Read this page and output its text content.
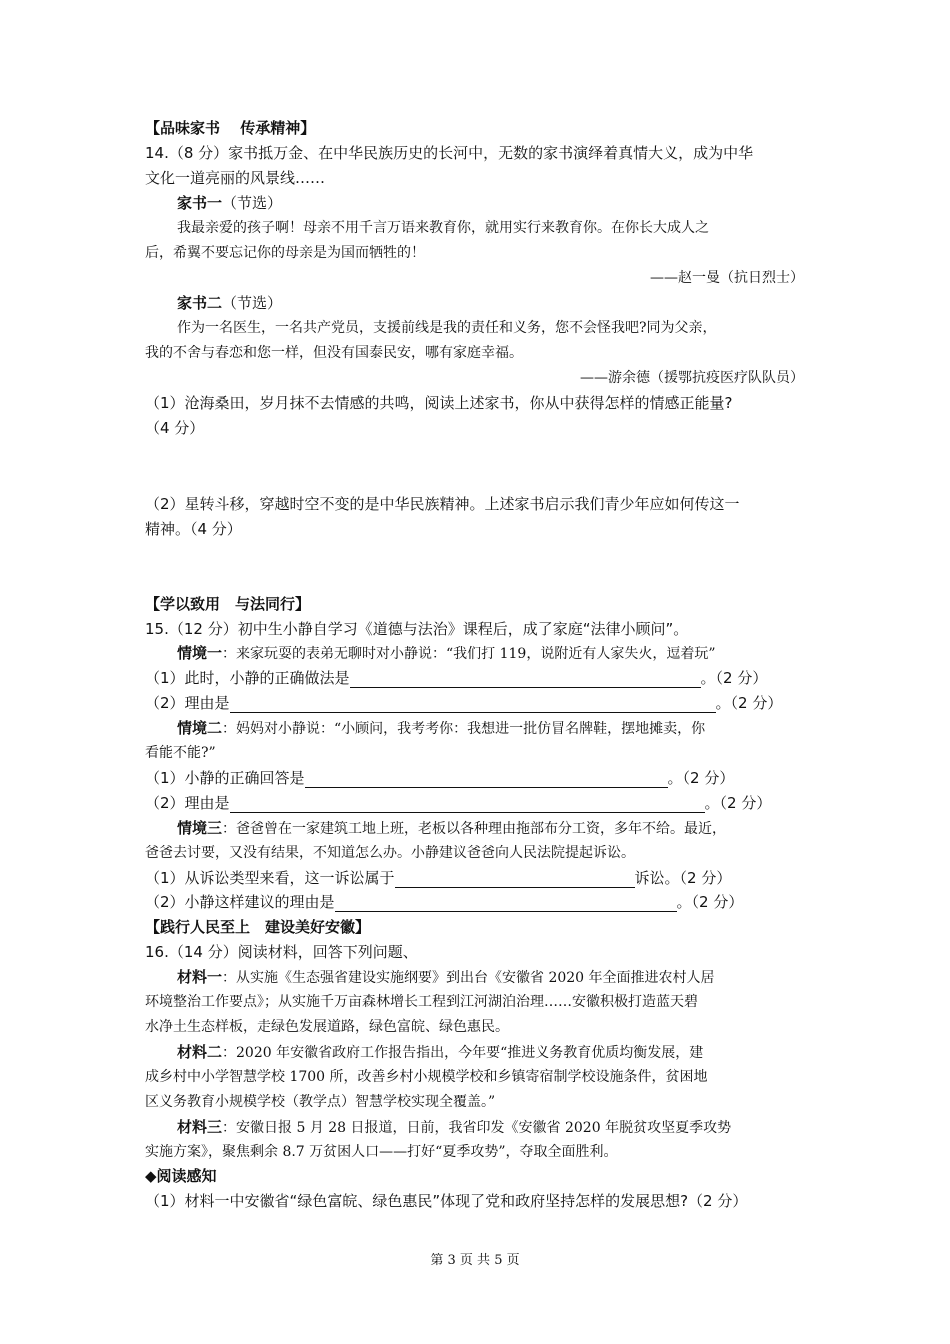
【品味家书　 传承精神】
14.（8 分）家书抵万金、在中华民族历史的长河中，无数的家书演绎着真情大义，成为中华
文化一道亮丽的风景线……
家书一（节选）
我最亲爱的孩子啊！母亲不用千言万语来教育你，就用实行来教育你。在你长大成人之
后，希翼不要忘记你的母亲是为国而牺牲的！
——赵一曼（抗日烈士）
家书二（节选）
作为一名医生，一名共产党员，支援前线是我的责任和义务，您不会怪我吧?同为父亲，
我的不舍与春恋和您一样，但没有国泰民安，哪有家庭幸福。
——游余德（援鄂抗疫医疗队队员）
（1）沧海桑田，岁月抹不去情感的共鸣，阅读上述家书，你从中获得怎样的情感正能量?
（4 分）
（2）星转斗移，穿越时空不变的是中华民族精神。上述家书启示我们青少年应如何传这一
精神。（4 分）
【学以致用　与法同行】
15.（12 分）初中生小静自学习《道德与法治》课程后，成了家庭“法律小顾问”。
情境一：来家玩耍的表弟无聊时对小静说：“我们打 119，说附近有人家失火，逗着玩”
（1）此时，小静的正确做法是	。（2 分）
（2）理由是	。（2 分）
情境二：妈妈对小静说：“小顾问，我考考你：我想进一批仿冒名牌鞋，摆地摊卖，你
看能不能?”
（1）小静的正确回答是	。（2 分）
（2）理由是	。（2 分）
情境三：爸爸曾在一家建筑工地上班，老板以各种理由拖部布分工资，多年不给。最近，
爸爸去讨要，又没有结果，不知道怎么办。小静建议爸爸向人民法院提起诉讼。
（1）从诉讼类型来看，这一诉讼属于	诉讼。（2 分）
（2）小静这样建议的理由是	。（2 分）
【践行人民至上　建设美好安徽】
16.（14 分）阅读材料，回答下列问题、
材料一：从实施《生态强省建设实施纲要》到出台《安徽省 2020 年全面推进农村人居
环境整治工作要点》；从实施千万亩森林增长工程到江河湖泊治理……安徽积极打造蓝天碧
水净土生态样板，走绿色发展道路，绿色富皖、绿色惠民。
材料二：2020 年安徽省政府工作报告指出，今年要“推进义务教育优质均衡发展，建
成乡村中小学智慧学校 1700 所，改善乡村小规模学校和乡镇寄宿制学校设施条件，贫困地
区义务教育小规模学校（教学点）智慧学校实现全覆盖。”
材料三：安徽日报 5 月 28 日报道，日前，我省印发《安徽省 2020 年脱贫攻坚夏季攻势
实施方案》，聚焦剩余 8.7 万贫困人口——打好“夏季攻势”，夺取全面胜利。
◆阅读感知
（1）材料一中安徽省“绿色富皖、绿色惠民”体现了党和政府坚持怎样的发展思想?（2 分）
第 3 页 共 5 页
